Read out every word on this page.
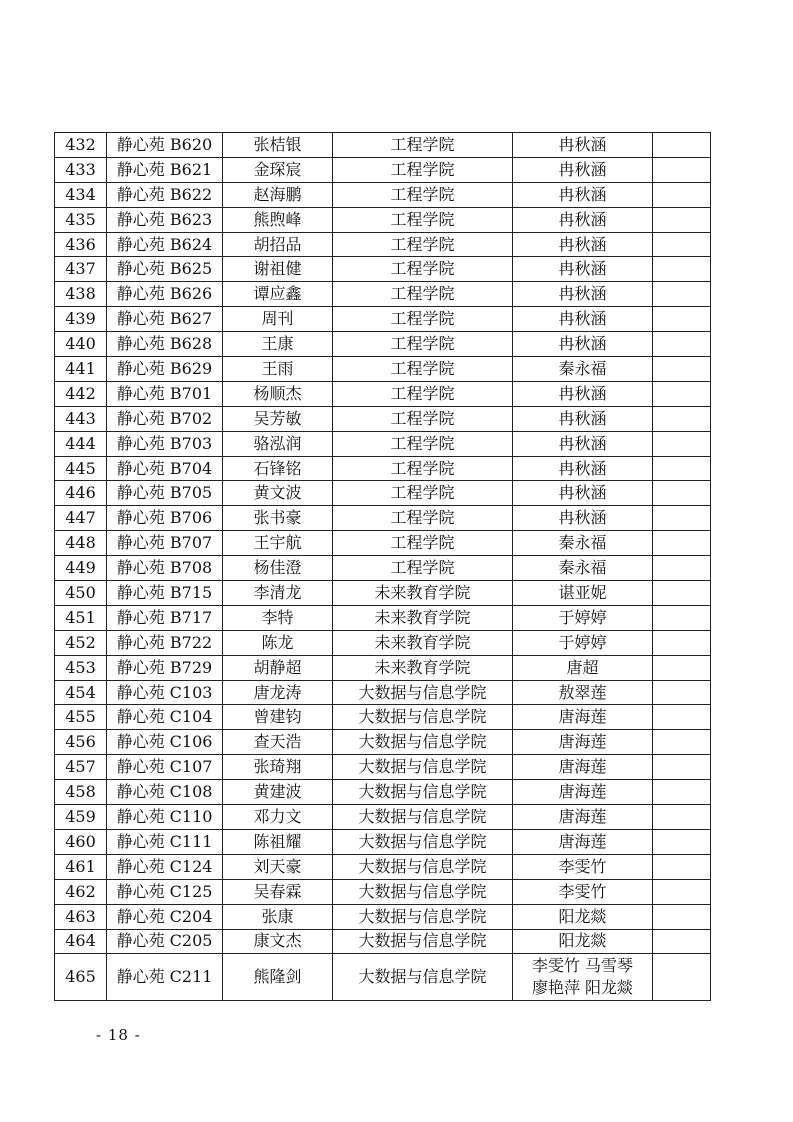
432	静心苑 B620	张桔银	工程学院	冉秋涵	
433	静心苑 B621	金琛宸	工程学院	冉秋涵	
434	静心苑 B622	赵海鹏	工程学院	冉秋涵	
435	静心苑 B623	熊煦峰	工程学院	冉秋涵	
436	静心苑 B624	胡招品	工程学院	冉秋涵	
437	静心苑 B625	谢祖健	工程学院	冉秋涵	
438	静心苑 B626	谭应鑫	工程学院	冉秋涵	
439	静心苑 B627	周刊	工程学院	冉秋涵	
440	静心苑 B628	王康	工程学院	冉秋涵	
441	静心苑 B629	王雨	工程学院	秦永福	
442	静心苑 B701	杨顺杰	工程学院	冉秋涵	
443	静心苑 B702	吴芳敏	工程学院	冉秋涵	
444	静心苑 B703	骆泓润	工程学院	冉秋涵	
445	静心苑 B704	石锋铭	工程学院	冉秋涵	
446	静心苑 B705	黄文波	工程学院	冉秋涵	
447	静心苑 B706	张书豪	工程学院	冉秋涵	
448	静心苑 B707	王宇航	工程学院	秦永福	
449	静心苑 B708	杨佳澄	工程学院	秦永福	
450	静心苑 B715	李清龙	未来教育学院	谌亚妮	
451	静心苑 B717	李特	未来教育学院	于婷婷	
452	静心苑 B722	陈龙	未来教育学院	于婷婷	
453	静心苑 B729	胡静超	未来教育学院	唐超	
454	静心苑 C103	唐龙涛	大数据与信息学院	敖翠莲	
455	静心苑 C104	曾建钧	大数据与信息学院	唐海莲	
456	静心苑 C106	查天浩	大数据与信息学院	唐海莲	
457	静心苑 C107	张琦翔	大数据与信息学院	唐海莲	
458	静心苑 C108	黄建波	大数据与信息学院	唐海莲	
459	静心苑 C110	邓力文	大数据与信息学院	唐海莲	
460	静心苑 C111	陈祖耀	大数据与信息学院	唐海莲	
461	静心苑 C124	刘天豪	大数据与信息学院	李雯竹	
462	静心苑 C125	吴春霖	大数据与信息学院	李雯竹	
463	静心苑 C204	张康	大数据与信息学院	阳龙燚	
464	静心苑 C205	康文杰	大数据与信息学院	阳龙燚	
465	静心苑 C211	熊隆剑	大数据与信息学院	李雯竹 马雪琴
廖艳萍 阳龙燚	

- 18 -
